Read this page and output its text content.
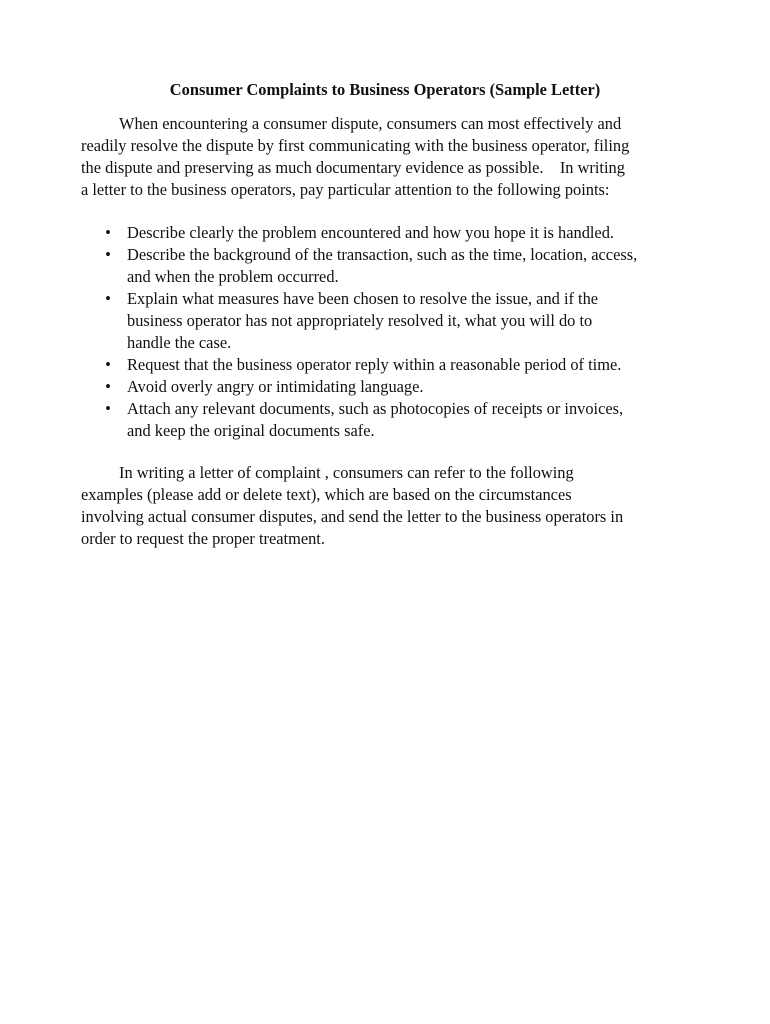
Consumer Complaints to Business Operators (Sample Letter)

When encountering a consumer dispute, consumers can most effectively and
readily resolve the dispute by first communicating with the business operator, filing
the dispute and preserving as much documentary evidence as possible.    In writing
a letter to the business operators, pay particular attention to the following points:

• Describe clearly the problem encountered and how you hope it is handled.
• Describe the background of the transaction, such as the time, location, access,
and when the problem occurred.
• Explain what measures have been chosen to resolve the issue, and if the
business operator has not appropriately resolved it, what you will do to
handle the case.
• Request that the business operator reply within a reasonable period of time.
• Avoid overly angry or intimidating language.
• Attach any relevant documents, such as photocopies of receipts or invoices,
and keep the original documents safe.

In writing a letter of complaint , consumers can refer to the following
examples (please add or delete text), which are based on the circumstances
involving actual consumer disputes, and send the letter to the business operators in
order to request the proper treatment.
